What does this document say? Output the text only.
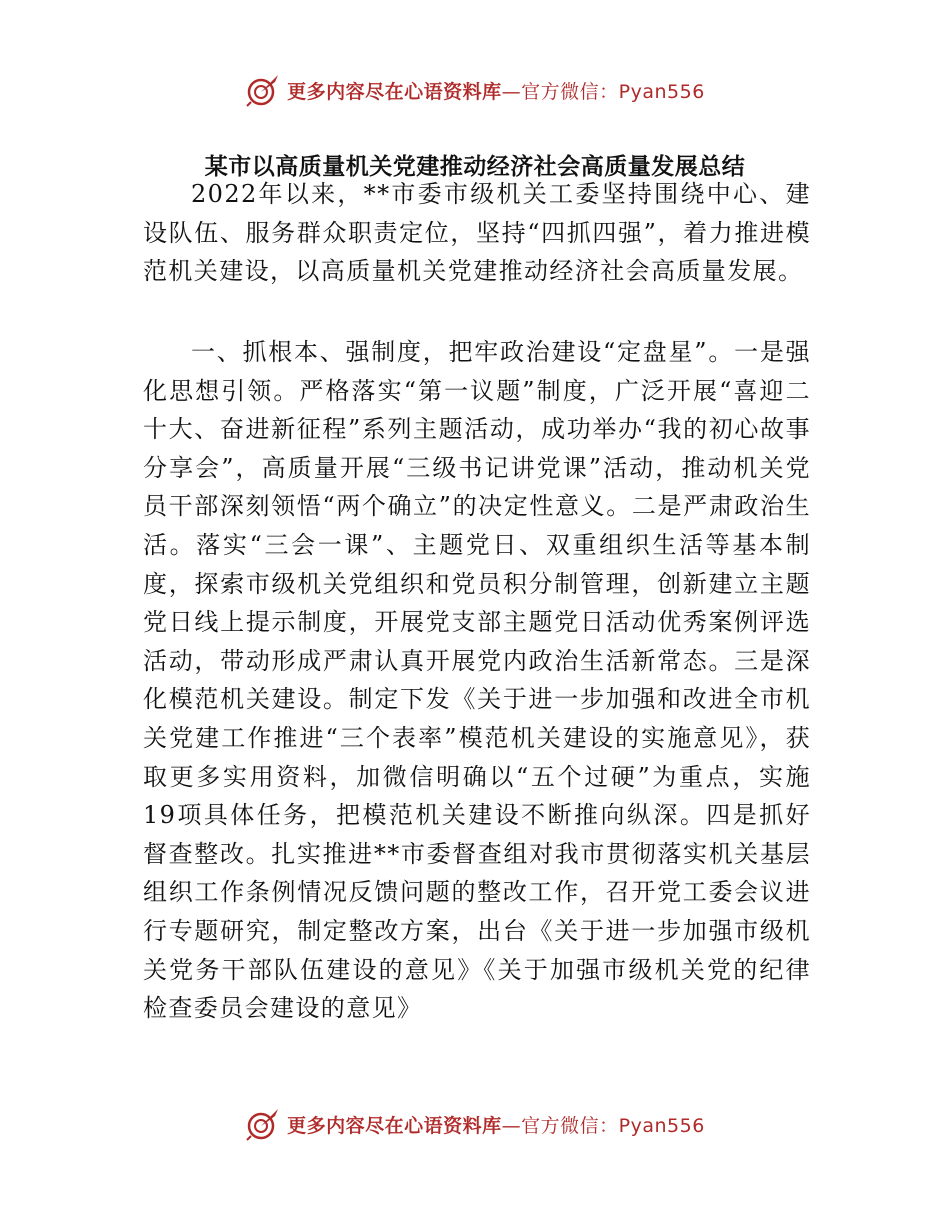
更多内容尽在心语资料库—官方微信：Pyan556
某市以高质量机关党建推动经济社会高质量发展总结

2022年以来，**市委市级机关工委坚持围绕中心、建设队伍、服务群众职责定位，坚持“四抓四强”，着力推进模范机关建设，以高质量机关党建推动经济社会高质量发展。

一、抓根本、强制度，把牢政治建设“定盘星”。一是强化思想引领。严格落实“第一议题”制度，广泛开展“喜迎二十大、奋进新征程”系列主题活动，成功举办“我的初心故事分享会”，高质量开展“三级书记讲党课”活动，推动机关党员干部深刻领悟“两个确立”的决定性意义。二是严肃政治生活。落实“三会一课”、主题党日、双重组织生活等基本制度，探索市级机关党组织和党员积分制管理，创新建立主题党日线上提示制度，开展党支部主题党日活动优秀案例评选活动，带动形成严肃认真开展党内政治生活新常态。三是深化模范机关建设。制定下发《关于进一步加强和改进全市机关党建工作推进“三个表率”模范机关建设的实施意见》，获取更多实用资料，加微信明确以“五个过硬”为重点，实施19项具体任务，把模范机关建设不断推向纵深。四是抓好督查整改。扎实推进**市委督查组对我市贯彻落实机关基层组织工作条例情况反馈问题的整改工作，召开党工委会议进行专题研究，制定整改方案，出台《关于进一步加强市级机关党务干部队伍建设的意见》《关于加强市级机关党的纪律检查委员会建设的意见》

更多内容尽在心语资料库—官方微信：Pyan556
